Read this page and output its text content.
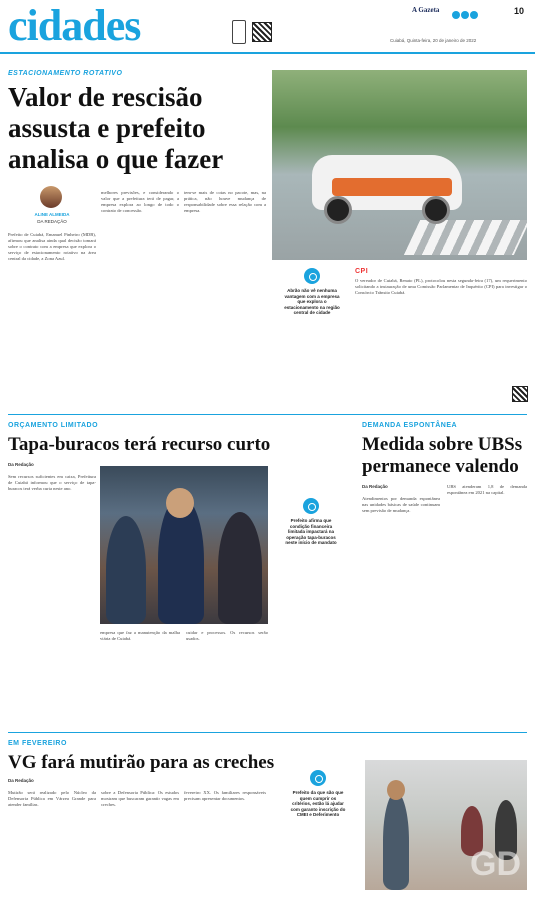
cidades	A Gazeta	10
Cuiabá, Quinta-feira, 20 de janeiro de 2022
ESTACIONAMENTO ROTATIVO
Valor de rescisão assusta e prefeito analisa o que fazer
ALINE ALMEIDA
DA REDAÇÃO
Prefeito de Cuiabá, Emanuel Pinheiro (MDB), afirmou que analisa ainda qual decisão tomará sobre o contrato com a empresa que explora o serviço de estacionamento rotativo na área central da cidade, a Zona Azul.
melhores previsões, e considerando o valor que a prefeitura terá de pagar, a empresa explora ao longo de todo o contrato de concessão.
tem-se mais de cotas no pacote, mas, na prática, não houve mudança de responsabilidade sobre essa relação com a empresa.
Abrão não vê nenhuma vantagem com a empresa que explora o estacionamento na região central de cidade
CPI
O vereador de Cuiabá, Renato (PL), protocolou nesta segunda-feira (17), um requerimento solicitando a instauração de uma Comissão Parlamentar de Inquérito (CPI) para investigar o Consórcio Trânsito Cuiabá.
ORÇAMENTO LIMITADO
Tapa-buracos terá recurso curto
Da Redação
Sem recursos suficientes em caixa, Prefeitura de Cuiabá informou que o serviço de tapa-buracos terá verba curta neste ano.
empresa que faz a manutenção da malha viária de Cuiabá.
cuidar e processos. Os recursos serão usados.
Prefeito afirma que condição financeira limitada impactará na operação tapa-buracos neste início de mandato
DEMANDA ESPONTÂNEA
Medida sobre UBSs permanece valendo
Da Redação
Atendimentos por demanda espontânea nas unidades básicas de saúde continuam sem previsão de mudança.
UBS atenderam 1,8 de demanda espontânea em 2021 na capital.
EM FEVEREIRO
VG fará mutirão para as creches
Da Redação
Mutirão será realizado pelo Núcleo da Defensoria Pública em Várzea Grande para atender famílias.
sobre a Defensoria Pública: Os estudos mostram que buscaram garantir vagas em creches.
fevereiro XX. Os familiares responsáveis precisam apresentar documentos.
Prefeito da que são que quem cumprir os critérios, estão lá ajudar com garanto inscrição do CMEI e Deferimento
GD
